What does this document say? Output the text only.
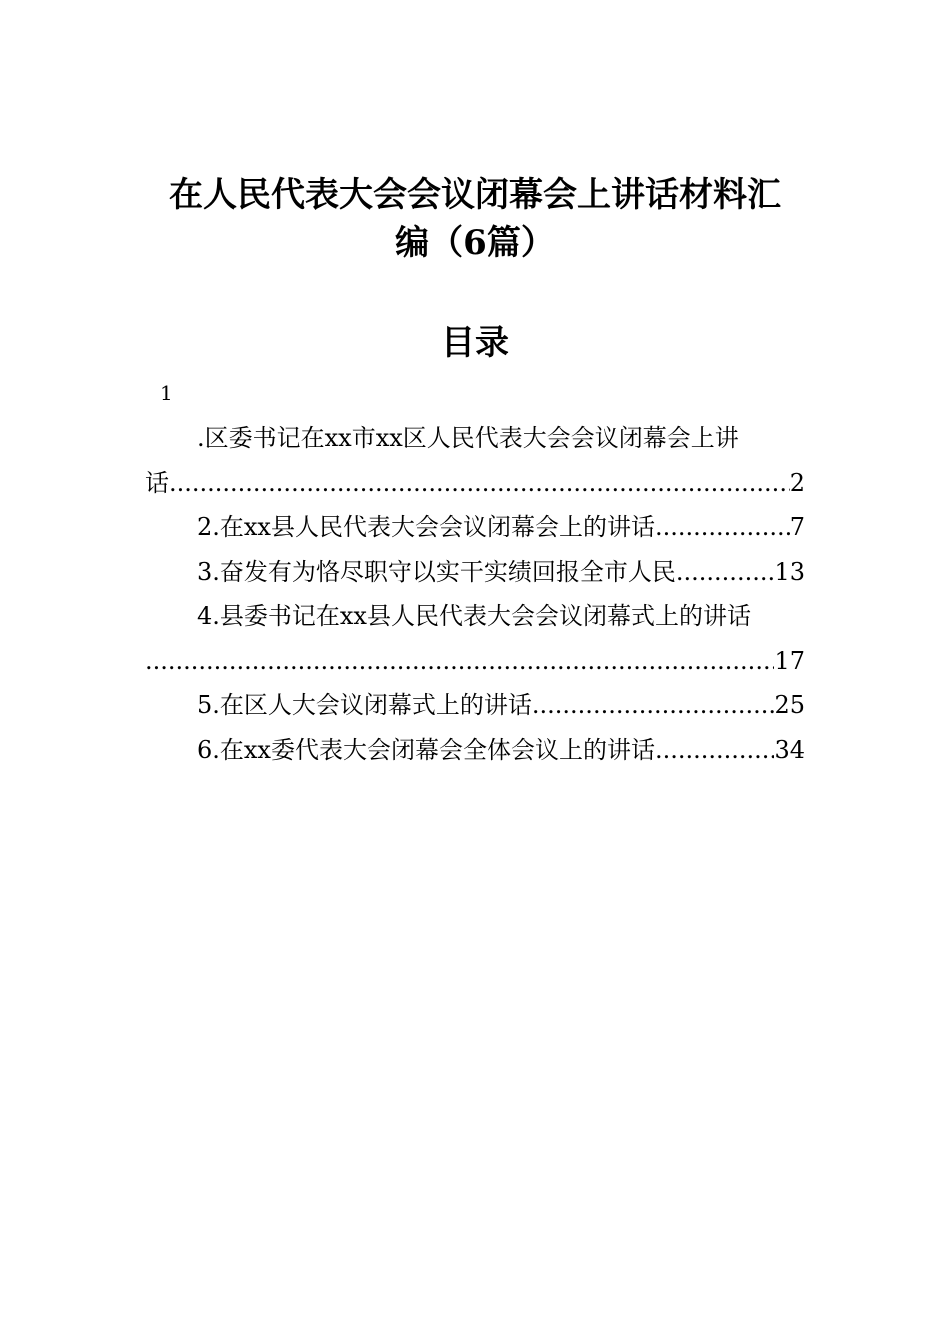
在人民代表大会会议闭幕会上讲话材料汇
编（6篇）
目录
1
.区委书记在xx市xx区人民代表大会会议闭幕会上讲
话 .....	2
2.在xx县人民代表大会会议闭幕会上的讲话 .....	7
3.奋发有为恪尽职守以实干实绩回报全市人民 .....	13
4.县委书记在xx县人民代表大会会议闭幕式上的讲话
.....
17
5.在区人大会议闭幕式上的讲话 .....	25
6.在xx委代表大会闭幕会全体会议上的讲话 .....	34
